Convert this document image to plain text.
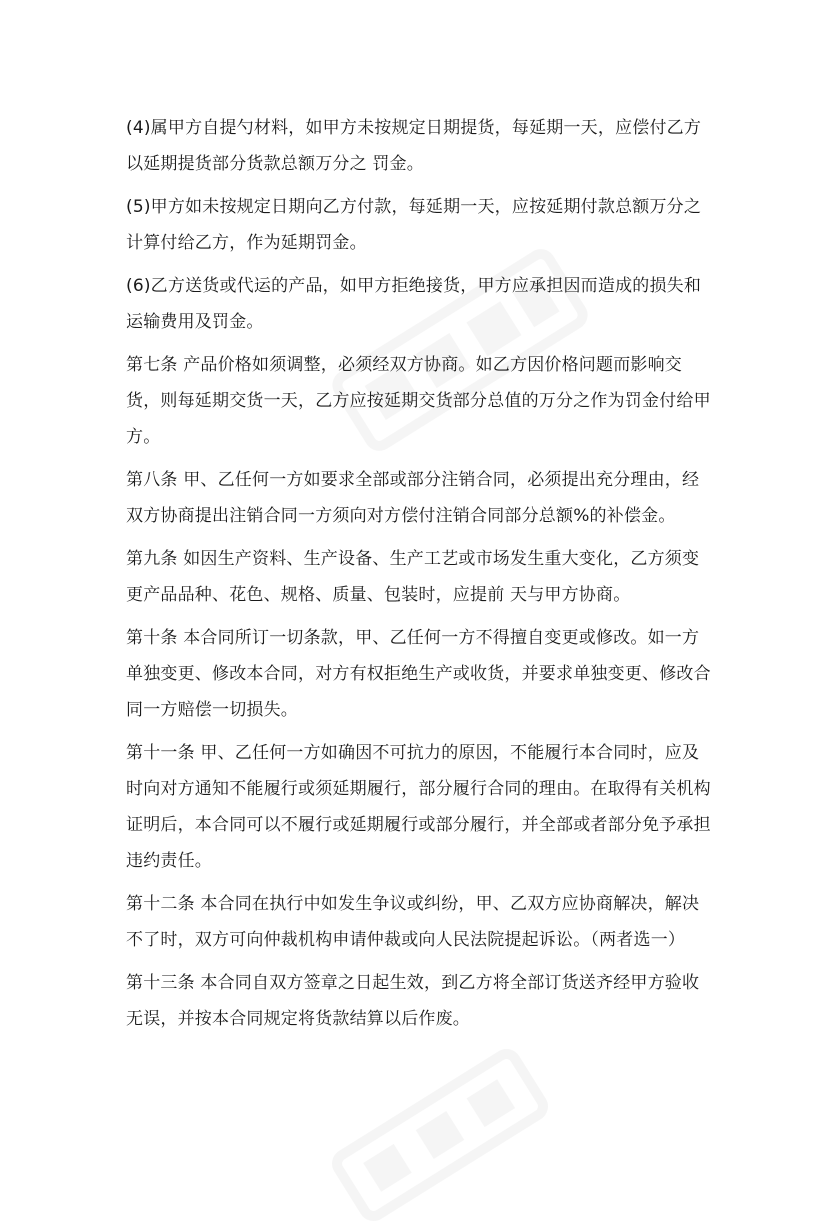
(4)属甲方自提勺材料，如甲方未按规定日期提货，每延期一天，应偿付乙方以延期提货部分货款总额万分之 罚金。

(5)甲方如未按规定日期向乙方付款，每延期一天，应按延期付款总额万分之计算付给乙方，作为延期罚金。

(6)乙方送货或代运的产品，如甲方拒绝接货，甲方应承担因而造成的损失和运输费用及罚金。

第七条 产品价格如须调整，必须经双方协商。如乙方因价格问题而影响交货，则每延期交货一天，乙方应按延期交货部分总值的万分之作为罚金付给甲方。

第八条 甲、乙任何一方如要求全部或部分注销合同，必须提出充分理由，经双方协商提出注销合同一方须向对方偿付注销合同部分总额%的补偿金。

第九条 如因生产资料、生产设备、生产工艺或市场发生重大变化，乙方须变更产品品种、花色、规格、质量、包装时，应提前 天与甲方协商。

第十条 本合同所订一切条款，甲、乙任何一方不得擅自变更或修改。如一方单独变更、修改本合同，对方有权拒绝生产或收货，并要求单独变更、修改合同一方赔偿一切损失。

第十一条 甲、乙任何一方如确因不可抗力的原因，不能履行本合同时，应及时向对方通知不能履行或须延期履行，部分履行合同的理由。在取得有关机构证明后，本合同可以不履行或延期履行或部分履行，并全部或者部分免予承担违约责任。

第十二条 本合同在执行中如发生争议或纠纷，甲、乙双方应协商解决，解决不了时，双方可向仲裁机构申请仲裁或向人民法院提起诉讼。（两者选一）

第十三条 本合同自双方签章之日起生效，到乙方将全部订货送齐经甲方验收无误，并按本合同规定将货款结算以后作废。
